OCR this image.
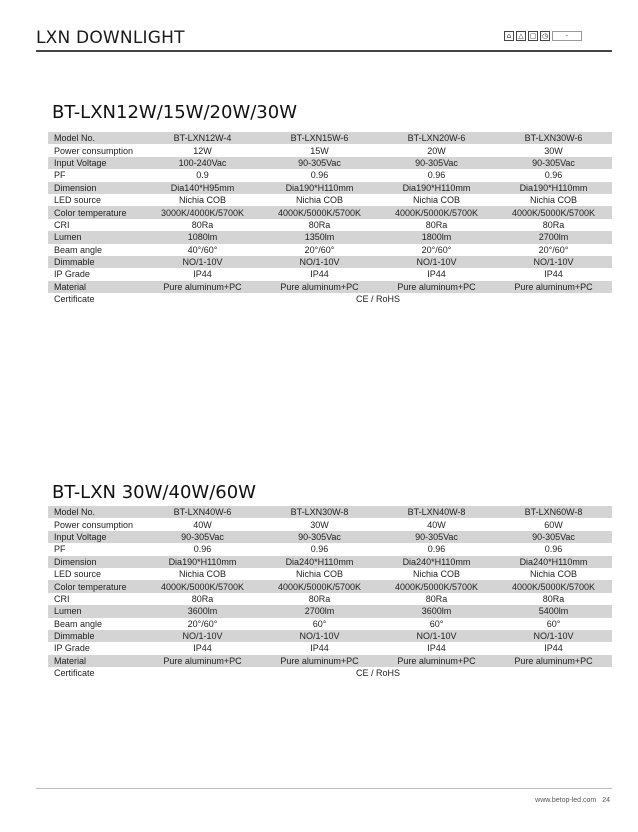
LXN DOWNLIGHT	⌂	△ ▢ ◷	⌁
BT-LXN12W/15W/20W/30W
Model No.	BT-LXN12W-4	BT-LXN15W-6	BT-LXN20W-6	BT-LXN30W-6
Power consumption	12W	15W	20W	30W
Input Voltage	100-240Vac	90-305Vac	90-305Vac	90-305Vac
PF	0.9	0.96	0.96	0.96
Dimension	Dia140*H95mm	Dia190*H110mm	Dia190*H110mm	Dia190*H110mm
LED source	Nichia COB	Nichia COB	Nichia COB	Nichia COB
Color temperature	3000K/4000K/5700K	4000K/5000K/5700K	4000K/5000K/5700K	4000K/5000K/5700K
CRI	80Ra	80Ra	80Ra	80Ra
Lumen	1080lm	1350lm	1800lm	2700lm
Beam angle	40°/60°	20°/60°	20°/60°	20°/60°
Dimmable	NO/1-10V	NO/1-10V	NO/1-10V	NO/1-10V
IP Grade	IP44	IP44	IP44	IP44
Material	Pure aluminum+PC	Pure aluminum+PC	Pure aluminum+PC	Pure aluminum+PC
Certificate	CE / RoHS			
BT-LXN 30W/40W/60W
Model No.	BT-LXN40W-6	BT-LXN30W-8	BT-LXN40W-8	BT-LXN60W-8
Power consumption	40W	30W	40W	60W
Input Voltage	90-305Vac	90-305Vac	90-305Vac	90-305Vac
PF	0.96	0.96	0.96	0.96
Dimension	Dia190*H110mm	Dia240*H110mm	Dia240*H110mm	Dia240*H110mm
LED source	Nichia COB	Nichia COB	Nichia COB	Nichia COB
Color temperature	4000K/5000K/5700K	4000K/5000K/5700K	4000K/5000K/5700K	4000K/5000K/5700K
CRI	80Ra	80Ra	80Ra	80Ra
Lumen	3600lm	2700lm	3600lm	5400lm
Beam angle	20°/60°	60°	60°	60°
Dimmable	NO/1-10V	NO/1-10V	NO/1-10V	NO/1-10V
IP Grade	IP44	IP44	IP44	IP44
Material	Pure aluminum+PC	Pure aluminum+PC	Pure aluminum+PC	Pure aluminum+PC
Certificate	CE / RoHS			
www.betop-led.com 24
